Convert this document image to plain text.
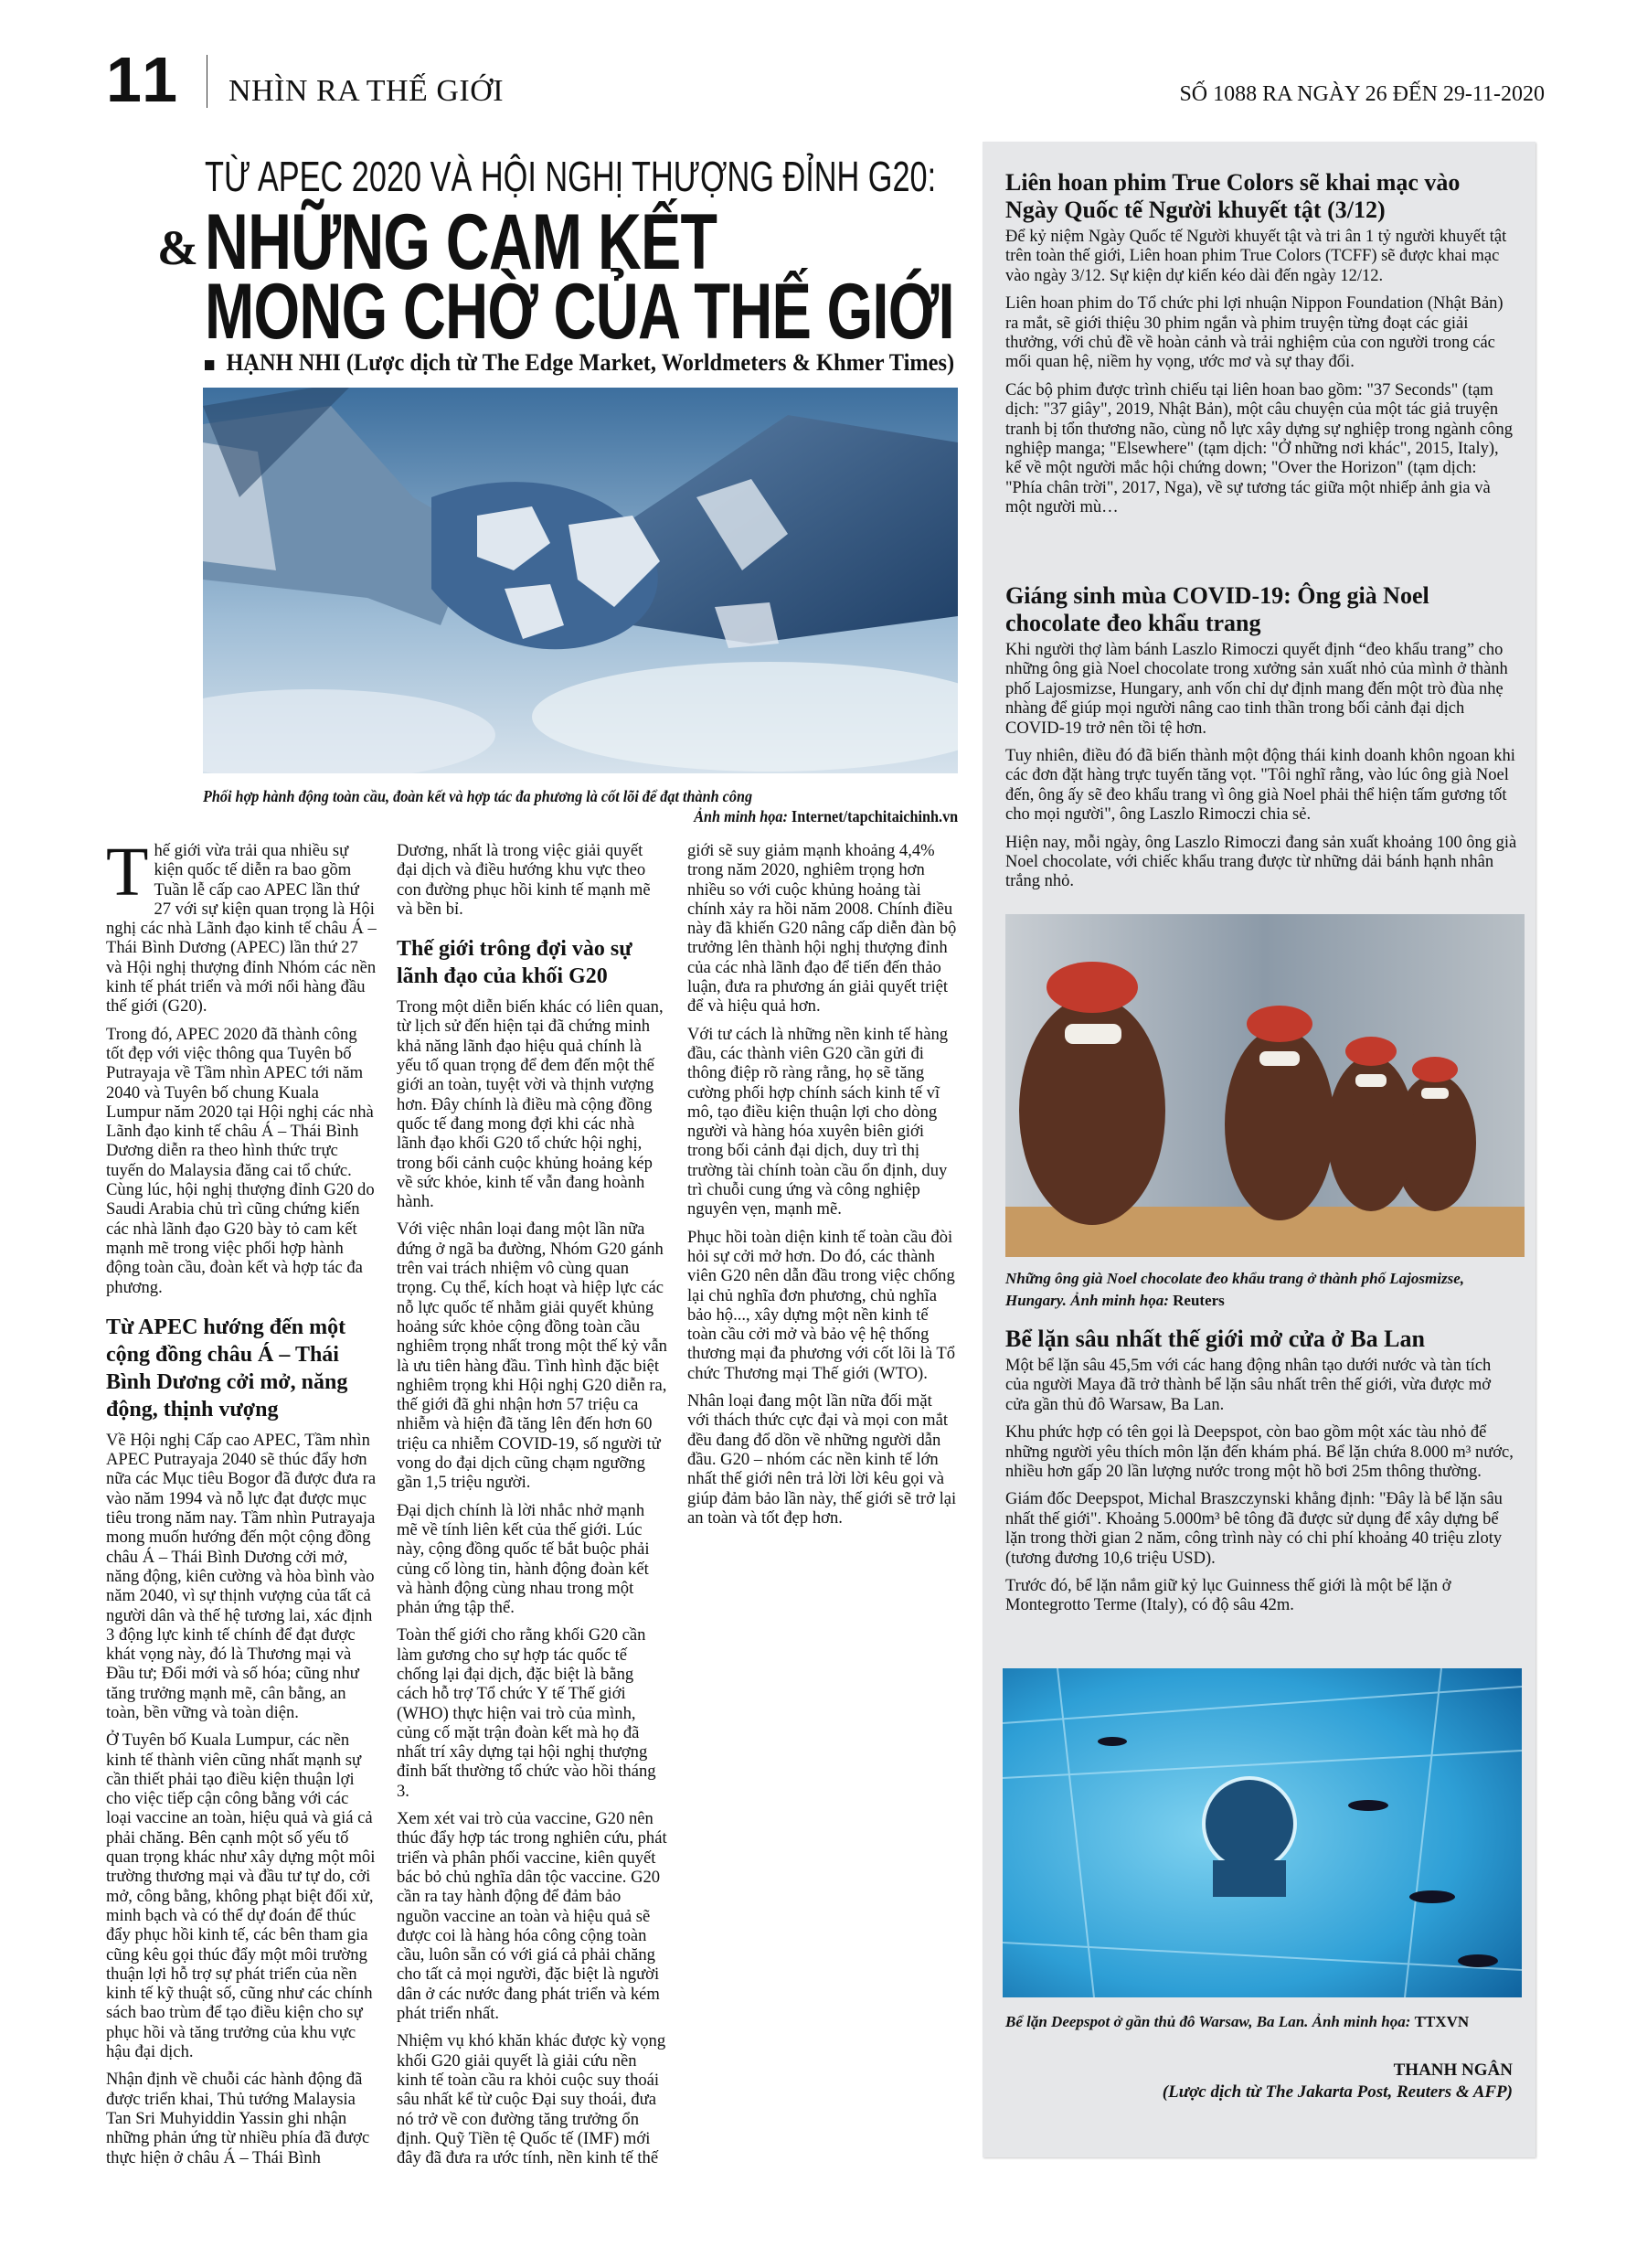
11 NHÌN RA THẾ GIỚI	SỐ 1088 RA NGÀY 26 ĐẾN 29-11-2020
TỪ APEC 2020 VÀ HỘI NGHỊ THƯỢNG ĐỈNH G20:
& NHỮNG CAM KẾT
MONG CHỜ CỦA THẾ GIỚI
HẠNH NHI (Lược dịch từ The Edge Market, Worldmeters & Khmer Times)
Phối hợp hành động toàn cầu, đoàn kết và hợp tác đa phương là cốt lõi để đạt thành công
Ảnh minh họa: Internet/tapchitaichinh.vn

Thế giới vừa trải qua nhiều sự kiện quốc tế diễn ra bao gồm Tuần lễ cấp cao APEC lần thứ 27 với sự kiện quan trọng là Hội nghị các nhà Lãnh đạo kinh tế châu Á – Thái Bình Dương (APEC) lần thứ 27 và Hội nghị thượng đỉnh Nhóm các nền kinh tế phát triển và mới nổi hàng đầu thế giới (G20).

Trong đó, APEC 2020 đã thành công tốt đẹp với việc thông qua Tuyên bố Putrayaja về Tầm nhìn APEC tới năm 2040 và Tuyên bố chung Kuala Lumpur năm 2020 tại Hội nghị các nhà Lãnh đạo kinh tế châu Á – Thái Bình Dương diễn ra theo hình thức trực tuyến do Malaysia đăng cai tổ chức. Cùng lúc, hội nghị thượng đỉnh G20 do Saudi Arabia chủ trì cũng chứng kiến các nhà lãnh đạo G20 bày tỏ cam kết mạnh mẽ trong việc phối hợp hành động toàn cầu, đoàn kết và hợp tác đa phương.

Từ APEC hướng đến một cộng đồng châu Á – Thái Bình Dương cởi mở, năng động, thịnh vượng

Về Hội nghị Cấp cao APEC, Tầm nhìn APEC Putrayaja 2040 sẽ thúc đẩy hơn nữa các Mục tiêu Bogor đã được đưa ra vào năm 1994 và nỗ lực đạt được mục tiêu trong năm nay. Tầm nhìn Putrayaja mong muốn hướng đến một cộng đồng châu Á – Thái Bình Dương cởi mở, năng động, kiên cường và hòa bình vào năm 2040, vì sự thịnh vượng của tất cả người dân và thế hệ tương lai, xác định 3 động lực kinh tế chính để đạt được khát vọng này, đó là Thương mại và Đầu tư; Đổi mới và số hóa; cũng như tăng trưởng mạnh mẽ, cân bằng, an toàn, bền vững và toàn diện.

Ở Tuyên bố Kuala Lumpur, các nền kinh tế thành viên cũng nhất mạnh sự cần thiết phải tạo điều kiện thuận lợi cho việc tiếp cận công bằng với các loại vaccine an toàn, hiệu quả và giá cả phải chăng. Bên cạnh một số yếu tố quan trọng khác như xây dựng một môi trường thương mại và đầu tư tự do, cởi mở, công bằng, không phạt biệt đối xử, minh bạch và có thể dự đoán để thúc đẩy phục hồi kinh tế, các bên tham gia cũng kêu gọi thúc đẩy một môi trường thuận lợi hỗ trợ sự phát triển của nền kinh tế kỹ thuật số, cũng như các chính sách bao trùm để tạo điều kiện cho sự phục hồi và tăng trưởng của khu vực hậu đại dịch.

Nhận định về chuỗi các hành động đã được triển khai, Thủ tướng Malaysia Tan Sri Muhyiddin Yassin ghi nhận những phản ứng từ nhiều phía đã được thực hiện ở châu Á – Thái Bình Dương, nhất là trong việc giải quyết đại dịch và điều hướng khu vực theo con đường phục hồi kinh tế mạnh mẽ và bền bỉ.

Thế giới trông đợi vào sự lãnh đạo của khối G20

Trong một diễn biến khác có liên quan, từ lịch sử đến hiện tại đã chứng minh khả năng lãnh đạo hiệu quả chính là yếu tố quan trọng để đem đến một thế giới an toàn, tuyệt vời và thịnh vượng hơn. Đây chính là điều mà cộng đồng quốc tế đang mong đợi khi các nhà lãnh đạo khối G20 tổ chức hội nghị, trong bối cảnh cuộc khủng hoảng kép về sức khỏe, kinh tế vẫn đang hoành hành.

Với việc nhân loại đang một lần nữa đứng ở ngã ba đường, Nhóm G20 gánh trên vai trách nhiệm vô cùng quan trọng. Cụ thể, kích hoạt và hiệp lực các nỗ lực quốc tế nhằm giải quyết khủng hoảng sức khỏe cộng đồng toàn cầu nghiêm trọng nhất trong một thế kỷ vẫn là ưu tiên hàng đầu. Tình hình đặc biệt nghiêm trọng khi Hội nghị G20 diễn ra, thế giới đã ghi nhận hơn 57 triệu ca nhiễm và hiện đã tăng lên đến hơn 60 triệu ca nhiễm COVID-19, số người tử vong do đại dịch cũng chạm ngưỡng gần 1,5 triệu người.

Đại dịch chính là lời nhắc nhở mạnh mẽ về tính liên kết của thế giới. Lúc này, cộng đồng quốc tế bắt buộc phải củng cố lòng tin, hành động đoàn kết và hành động cùng nhau trong một phản ứng tập thể.

Toàn thế giới cho rằng khối G20 cần làm gương cho sự hợp tác quốc tế chống lại đại dịch, đặc biệt là bằng cách hỗ trợ Tổ chức Y tế Thế giới (WHO) thực hiện vai trò của mình, củng cố mặt trận đoàn kết mà họ đã nhất trí xây dựng tại hội nghị thượng đỉnh bất thường tổ chức vào hồi tháng 3.

Xem xét vai trò của vaccine, G20 nên thúc đẩy hợp tác trong nghiên cứu, phát triển và phân phối vaccine, kiên quyết bác bỏ chủ nghĩa dân tộc vaccine. G20 cần ra tay hành động để đảm bảo nguồn vaccine an toàn và hiệu quả sẽ được coi là hàng hóa công cộng toàn cầu, luôn sẵn có với giá cả phải chăng cho tất cả mọi người, đặc biệt là người dân ở các nước đang phát triển và kém phát triển nhất.

Nhiệm vụ khó khăn khác được kỳ vọng khối G20 giải quyết là giải cứu nền kinh tế toàn cầu ra khỏi cuộc suy thoái sâu nhất kể từ cuộc Đại suy thoái, đưa nó trở về con đường tăng trưởng ổn định. Quỹ Tiền tệ Quốc tế (IMF) mới đây đã đưa ra ước tính, nền kinh tế thế giới sẽ suy giảm mạnh khoảng 4,4% trong năm 2020, nghiêm trọng hơn nhiều so với cuộc khủng hoảng tài chính xảy ra hồi năm 2008. Chính điều này đã khiến G20 nâng cấp diễn đàn bộ trưởng lên thành hội nghị thượng đỉnh của các nhà lãnh đạo để tiến đến thảo luận, đưa ra phương án giải quyết triệt để và hiệu quả hơn.

Với tư cách là những nền kinh tế hàng đầu, các thành viên G20 cần gửi đi thông điệp rõ ràng rằng, họ sẽ tăng cường phối hợp chính sách kinh tế vĩ mô, tạo điều kiện thuận lợi cho dòng người và hàng hóa xuyên biên giới trong bối cảnh đại dịch, duy trì thị trường tài chính toàn cầu ổn định, duy trì chuỗi cung ứng và công nghiệp nguyên vẹn, mạnh mẽ.

Phục hồi toàn diện kinh tế toàn cầu đòi hỏi sự cởi mở hơn. Do đó, các thành viên G20 nên dẫn đầu trong việc chống lại chủ nghĩa đơn phương, chủ nghĩa bảo hộ..., xây dựng một nền kinh tế toàn cầu cởi mở và bảo vệ hệ thống thương mại đa phương với cốt lõi là Tổ chức Thương mại Thế giới (WTO).

Nhân loại đang một lần nữa đối mặt với thách thức cực đại và mọi con mắt đều đang đổ dồn về những người dẫn đầu. G20 – nhóm các nền kinh tế lớn nhất thế giới nên trả lời lời kêu gọi và giúp đảm bảo lần này, thế giới sẽ trở lại an toàn và tốt đẹp hơn.

Liên hoan phim True Colors sẽ khai mạc vào Ngày Quốc tế Người khuyết tật (3/12)

Để kỷ niệm Ngày Quốc tế Người khuyết tật và tri ân 1 tỷ người khuyết tật trên toàn thế giới, Liên hoan phim True Colors (TCFF) sẽ được khai mạc vào ngày 3/12. Sự kiện dự kiến kéo dài đến ngày 12/12.

Liên hoan phim do Tổ chức phi lợi nhuận Nippon Foundation (Nhật Bản) ra mắt, sẽ giới thiệu 30 phim ngắn và phim truyện từng đoạt các giải thưởng, với chủ đề về hoàn cảnh và trải nghiệm của con người trong các mối quan hệ, niềm hy vọng, ước mơ và sự thay đổi.

Các bộ phim được trình chiếu tại liên hoan bao gồm: "37 Seconds" (tạm dịch: "37 giây", 2019, Nhật Bản), một câu chuyện của một tác giả truyện tranh bị tổn thương não, cùng nỗ lực xây dựng sự nghiệp trong ngành công nghiệp manga; "Elsewhere" (tạm dịch: "Ở những nơi khác", 2015, Italy), kể về một người mắc hội chứng down; "Over the Horizon" (tạm dịch: "Phía chân trời", 2017, Nga), về sự tương tác giữa một nhiếp ảnh gia và một người mù…

Giáng sinh mùa COVID-19: Ông già Noel chocolate đeo khẩu trang

Khi người thợ làm bánh Laszlo Rimoczi quyết định “đeo khẩu trang” cho những ông già Noel chocolate trong xưởng sản xuất nhỏ của mình ở thành phố Lajosmizse, Hungary, anh vốn chỉ dự định mang đến một trò đùa nhẹ nhàng để giúp mọi người nâng cao tinh thần trong bối cảnh đại dịch COVID-19 trở nên tồi tệ hơn.

Tuy nhiên, điều đó đã biến thành một động thái kinh doanh khôn ngoan khi các đơn đặt hàng trực tuyến tăng vọt. "Tôi nghĩ rằng, vào lúc ông già Noel đến, ông ấy sẽ đeo khẩu trang vì ông già Noel phải thể hiện tấm gương tốt cho mọi người", ông Laszlo Rimoczi chia sẻ.

Hiện nay, mỗi ngày, ông Laszlo Rimoczi đang sản xuất khoảng 100 ông già Noel chocolate, với chiếc khẩu trang được từ những dải bánh hạnh nhân trắng nhỏ.

Những ông già Noel chocolate đeo khẩu trang ở thành phố Lajosmizse, Hungary. Ảnh minh họa: Reuters
Bể lặn sâu nhất thế giới mở cửa ở Ba Lan

Một bể lặn sâu 45,5m với các hang động nhân tạo dưới nước và tàn tích của người Maya đã trở thành bể lặn sâu nhất trên thế giới, vừa được mở cửa gần thủ đô Warsaw, Ba Lan.

Khu phức hợp có tên gọi là Deepspot, còn bao gồm một xác tàu nhỏ để những người yêu thích môn lặn đến khám phá. Bể lặn chứa 8.000 m³ nước, nhiều hơn gấp 20 lần lượng nước trong một hồ bơi 25m thông thường.

Giám đốc Deepspot, Michal Braszczynski khẳng định: "Đây là bể lặn sâu nhất thế giới". Khoảng 5.000m³ bê tông đã được sử dụng để xây dựng bể lặn trong thời gian 2 năm, công trình này có chi phí khoảng 40 triệu zloty (tương đương 10,6 triệu USD).

Trước đó, bể lặn nắm giữ kỷ lục Guinness thế giới là một bể lặn ở Montegrotto Terme (Italy), có độ sâu 42m.

Bể lặn Deepspot ở gần thủ đô Warsaw, Ba Lan. Ảnh minh họa: TTXVN
THANH NGÂN
(Lược dịch từ The Jakarta Post, Reuters & AFP)
